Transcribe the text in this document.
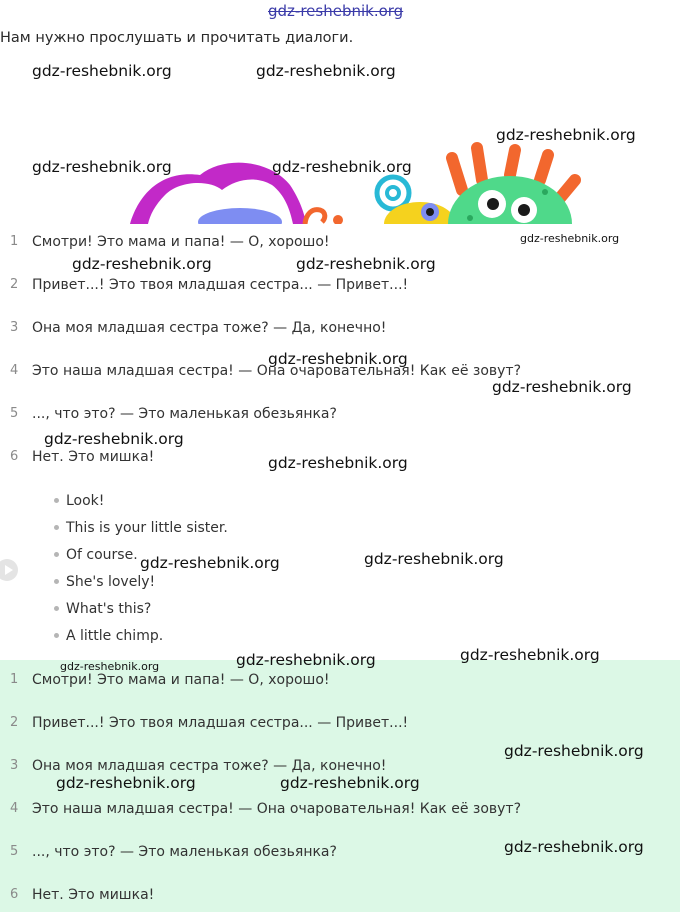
Нам нужно прослушать и прочитать диалоги.
1 Смотри! Это мама и папа! — О, хорошо!
2 Привет...! Это твоя младшая сестра... — Привет...!
3 Она моя младшая сестра тоже? — Да, конечно!
4 Это наша младшая сестра! — Она очаровательная! Как её зовут?
5 ..., что это? — Это маленькая обезьянка?
6 Нет. Это мишка!
Look!
This is your little sister.
Of course.
She's lovely!
What's this?
A little chimp.
1 Смотри! Это мама и папа! — О, хорошо!
2 Привет...! Это твоя младшая сестра... — Привет...!
3 Она моя младшая сестра тоже? — Да, конечно!
4 Это наша младшая сестра! — Она очаровательная! Как её зовут?
5 ..., что это? — Это маленькая обезьянка?
6 Нет. Это мишка!
gdz-reshebnik.org
gdz-reshebnik.org	gdz-reshebnik.org
gdz-reshebnik.org
gdz-reshebnik.org	gdz-reshebnik.org
gdz-reshebnik.org
gdz-reshebnik.org	gdz-reshebnik.org
gdz-reshebnik.org
gdz-reshebnik.org
gdz-reshebnik.org
gdz-reshebnik.org
gdz-reshebnik.org	gdz-reshebnik.org
gdz-reshebnik.org	gdz-reshebnik.org	gdz-reshebnik.org
gdz-reshebnik.org
gdz-reshebnik.org	gdz-reshebnik.org
gdz-reshebnik.org
